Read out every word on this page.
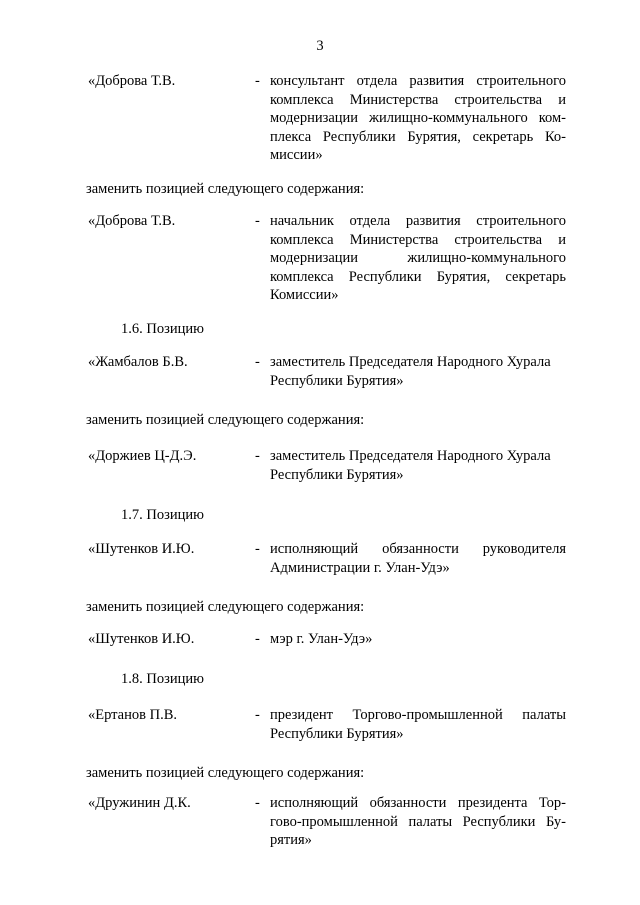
3
«Доброва Т.В.	- консультант отдела развития строительного
комплекса Министерства строительства и
модернизации жилищно-коммунального ком-
плекса Республики Бурятия, секретарь Ко-
миссии»
заменить позицией следующего содержания:
«Доброва Т.В.	- начальник отдела развития строительного
комплекса Министерства строительства и
модернизации жилищно-коммунального
комплекса Республики Бурятия, секретарь
Комиссии»
1.6. Позицию
«Жамбалов Б.В.	- заместитель Председателя Народного Хурала
Республики Бурятия»
заменить позицией следующего содержания:
«Доржиев Ц-Д.Э.	- заместитель Председателя Народного Хурала
Республики Бурятия»
1.7. Позицию
«Шутенков И.Ю.	- исполняющий обязанности руководителя
Администрации г. Улан-Удэ»
заменить позицией следующего содержания:
«Шутенков И.Ю.	- мэр г. Улан-Удэ»
1.8. Позицию
«Ертанов П.В.	- президент Торгово-промышленной палаты
Республики Бурятия»
заменить позицией следующего содержания:
«Дружинин Д.К.	- исполняющий обязанности президента Тор-
гово-промышленной палаты Республики Бу-
рятия»
